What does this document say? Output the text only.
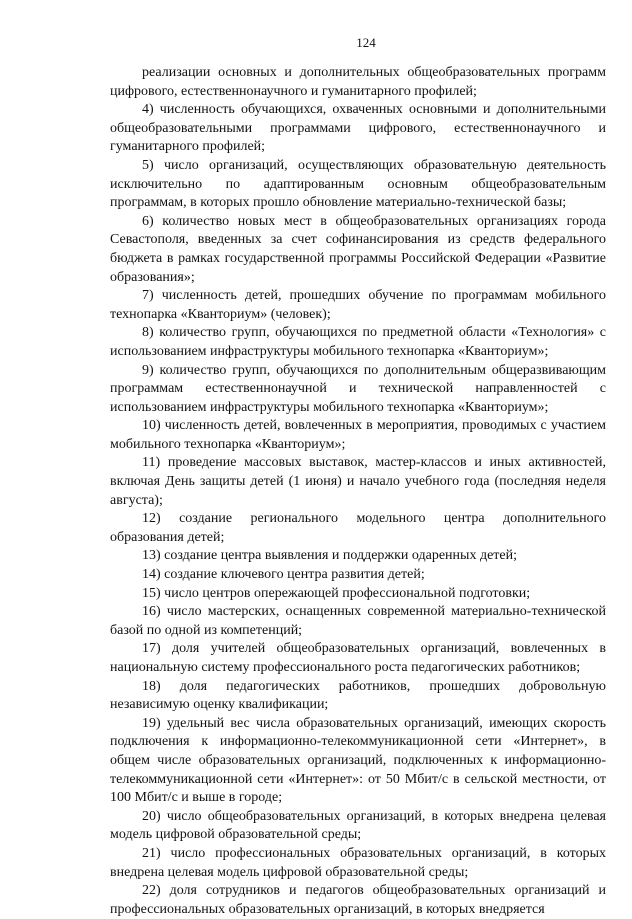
124

реализации основных и дополнительных общеобразовательных программ цифрового, естественнонаучного и гуманитарного профилей;

4) численность обучающихся, охваченных основными и дополнительными общеобразовательными программами цифрового, естественнонаучного и гуманитарного профилей;

5) число организаций, осуществляющих образовательную деятельность исключительно по адаптированным основным общеобразовательным программам, в которых прошло обновление материально-технической базы;

6) количество новых мест в общеобразовательных организациях города Севастополя, введенных за счет софинансирования из средств федерального бюджета в рамках государственной программы Российской Федерации «Развитие образования»;

7) численность детей, прошедших обучение по программам мобильного технопарка «Кванториум» (человек);

8) количество групп, обучающихся по предметной области «Технология» с использованием инфраструктуры мобильного технопарка «Кванториум»;

9) количество групп, обучающихся по дополнительным общеразвивающим программам естественнонаучной и технической направленностей с использованием инфраструктуры мобильного технопарка «Кванториум»;

10) численность детей, вовлеченных в мероприятия, проводимых с участием мобильного технопарка «Кванториум»;

11) проведение массовых выставок, мастер-классов и иных активностей, включая День защиты детей (1 июня) и начало учебного года (последняя неделя августа);

12) создание регионального модельного центра дополнительного образования детей;

13) создание центра выявления и поддержки одаренных детей;

14) создание ключевого центра развития детей;

15) число центров опережающей профессиональной подготовки;

16) число мастерских, оснащенных современной материально-технической базой по одной из компетенций;

17) доля учителей общеобразовательных организаций, вовлеченных в национальную систему профессионального роста педагогических работников;

18) доля педагогических работников, прошедших добровольную независимую оценку квалификации;

19) удельный вес числа образовательных организаций, имеющих скорость подключения к информационно-телекоммуникационной сети «Интернет», в общем числе образовательных организаций, подключенных к информационно-телекоммуникационной сети «Интернет»: от 50 Мбит/с в сельской местности, от 100 Мбит/с и выше в городе;

20) число общеобразовательных организаций, в которых внедрена целевая модель цифровой образовательной среды;

21) число профессиональных образовательных организаций, в которых внедрена целевая модель цифровой образовательной среды;

22) доля сотрудников и педагогов общеобразовательных организаций и профессиональных образовательных организаций, в которых внедряется
